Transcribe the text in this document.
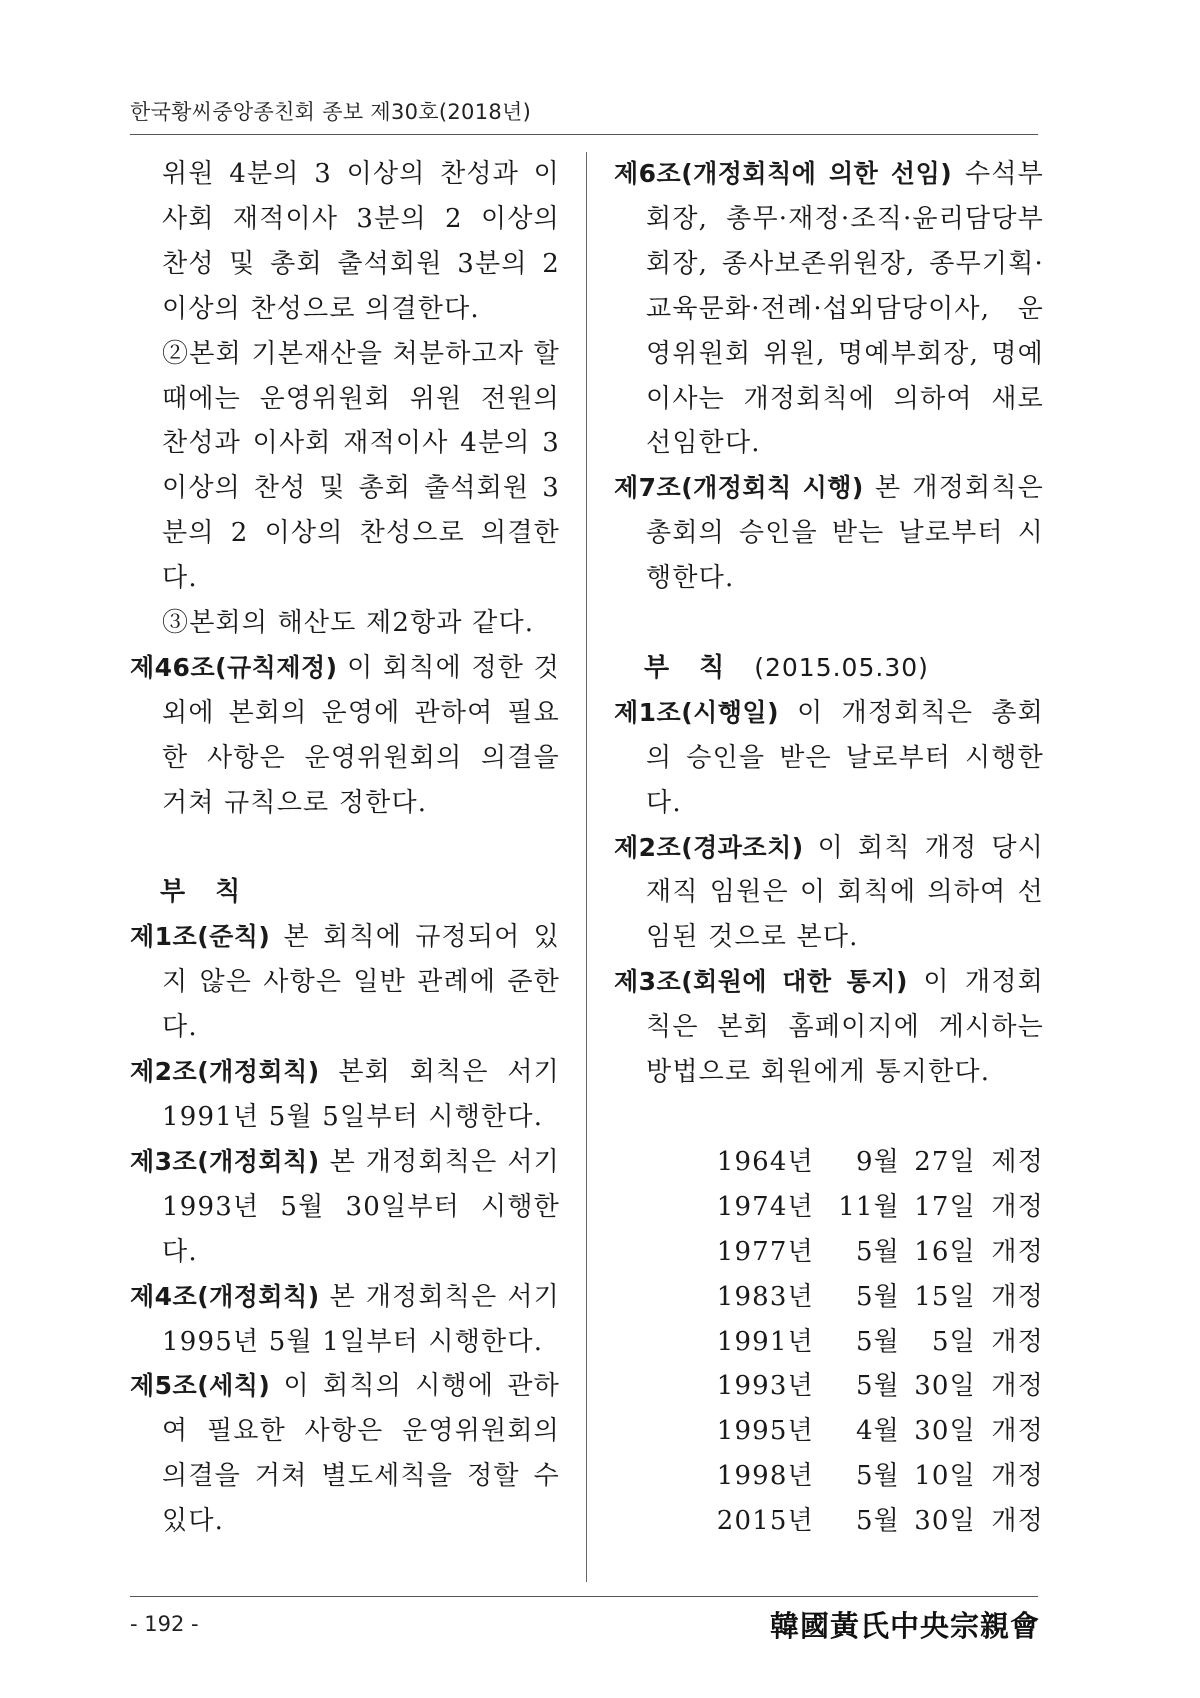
한국황씨중앙종친회 종보 제30호(2018년)

위원 4분의 3 이상의 찬성과 이사회 재적이사 3분의 2 이상의 찬성 및 총회 출석회원 3분의 2 이상의 찬성으로 의결한다.

②본회 기본재산을 처분하고자 할 때에는 운영위원회 위원 전원의 찬성과 이사회 재적이사 4분의 3 이상의 찬성 및 총회 출석회원 3분의 2 이상의 찬성으로 의결한다.

③본회의 해산도 제2항과 같다.

제46조(규칙제정) 이 회칙에 정한 것 외에 본회의 운영에 관하여 필요한 사항은 운영위원회의 의결을 거쳐 규칙으로 정한다.

부칙

제1조(준칙) 본 회칙에 규정되어 있지 않은 사항은 일반 관례에 준한다.

제2조(개정회칙) 본회 회칙은 서기 1991년 5월 5일부터 시행한다.

제3조(개정회칙) 본 개정회칙은 서기 1993년 5월 30일부터 시행한다.

제4조(개정회칙) 본 개정회칙은 서기 1995년 5월 1일부터 시행한다.

제5조(세칙) 이 회칙의 시행에 관하여 필요한 사항은 운영위원회의 의결을 거쳐 별도세칙을 정할 수 있다.

제6조(개정회칙에 의한 선임) 수석부회장, 총무·재정·조직·윤리담당부회장, 종사보존위원장, 종무기획·교육문화·전례·섭외담당이사, 운영위원회 위원, 명예부회장, 명예이사는 개정회칙에 의하여 새로 선임한다.

제7조(개정회칙 시행) 본 개정회칙은 총회의 승인을 받는 날로부터 시행한다.

부칙(2015.05.30)

제1조(시행일) 이 개정회칙은 총회의 승인을 받은 날로부터 시행한다.

제2조(경과조치) 이 회칙 개정 당시 재직 임원은 이 회칙에 의하여 선임된 것으로 본다.

제3조(회원에 대한 통지) 이 개정회칙은 본회 홈페이지에 게시하는 방법으로 회원에게 통지한다.

1964년	9월 27일 제정
1974년 11월 17일 개정
1977년	5월 16일 개정
1983년	5월 15일 개정
1991년	5월	5일 개정
1993년	5월 30일 개정
1995년	4월 30일 개정
1998년	5월 10일 개정
2015년	5월 30일 개정
- 192 -	韓國黃氏中央宗親會
